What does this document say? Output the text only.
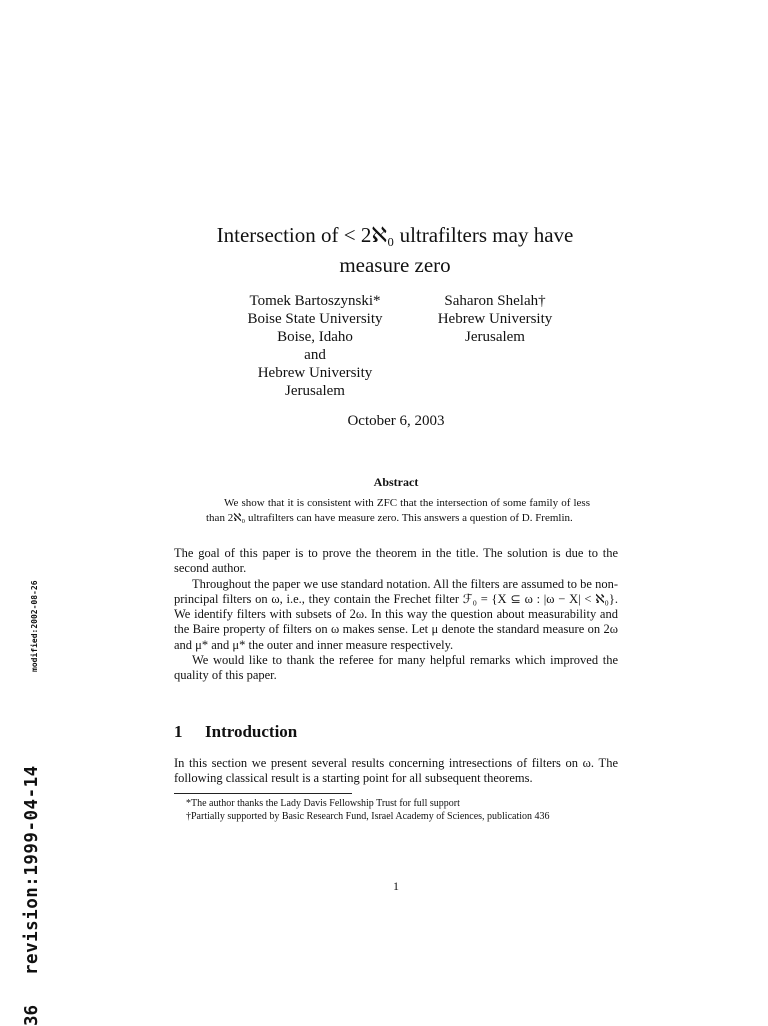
Intersection of < 2ℵ₀ ultrafilters may have
measure zero
Tomek Bartoszynski*
Boise State University
Boise, Idaho
and
Hebrew University
Jerusalem
Saharon Shelah†
Hebrew University
Jerusalem
October 6, 2003
Abstract

We show that it is consistent with ZFC that the intersection of some family of less than 2ℵ₀ ultrafilters can have measure zero. This answers a question of D. Fremlin.

The goal of this paper is to prove the theorem in the title. The solution is due to the second author.

Throughout the paper we use standard notation. All the filters are assumed to be non-principal filters on ω, i.e., they contain the Frechet filter ℱ₀ = {X ⊆ ω : |ω − X| < ℵ₀}. We identify filters with subsets of 2ω. In this way the question about measurability and the Baire property of filters on ω makes sense. Let μ denote the standard measure on 2ω and μ* and μ* the outer and inner measure respectively.

We would like to thank the referee for many helpful remarks which improved the quality of this paper.

1 Introduction

In this section we present several results concerning intresections of filters on ω. The following classical result is a starting point for all subsequent theorems.

*The author thanks the Lady Davis Fellowship Trust for full support
†Partially supported by Basic Research Fund, Israel Academy of Sciences, publication 436
1
modified:2002-08-26
revision:1999-04-14
36
